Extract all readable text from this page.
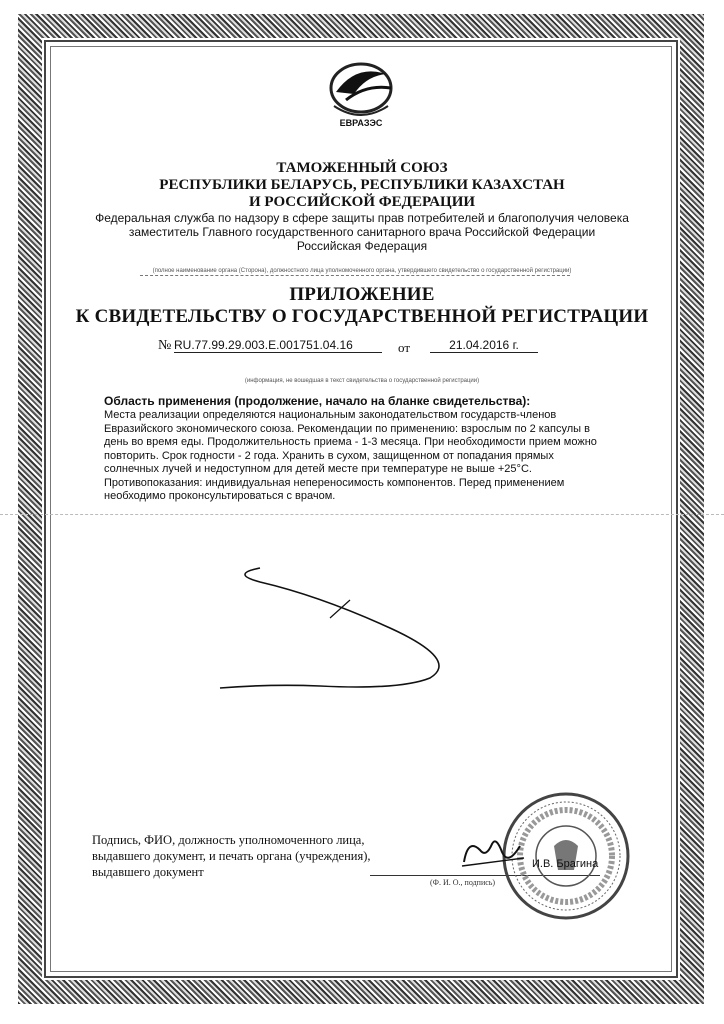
ЕВРАЗЭС
ТАМОЖЕННЫЙ СОЮЗ
РЕСПУБЛИКИ БЕЛАРУСЬ, РЕСПУБЛИКИ КАЗАХСТАН
И РОССИЙСКОЙ ФЕДЕРАЦИИ
Федеральная служба по надзору в сфере защиты прав потребителей и благополучия человека
заместитель Главного государственного санитарного врача Российской Федерации
Российская Федерация
(полное наименование органа (Сторона), должностного лица уполномоченного органа, утвердившего свидетельство о государственной регистрации)
ПРИЛОЖЕНИЕ
К СВИДЕТЕЛЬСТВУ О ГОСУДАРСТВЕННОЙ РЕГИСТРАЦИИ
№ RU.77.99.29.003.Е.001751.04.16	от	21.04.2016 г.
(информация, не вошедшая в текст свидетельства о государственной регистрации)
Область применения (продолжение, начало на бланке свидетельства):

Места реализации определяются национальным законодательством государств-членов Евразийского экономического союза. Рекомендации по применению: взрослым по 2 капсулы в день во время еды. Продолжительность приема - 1-3 месяца. При необходимости прием можно повторить. Срок годности - 2 года. Хранить в сухом, защищенном от попадания прямых солнечных лучей и недоступном для детей месте при температуре не выше +25°С.

Противопоказания: индивидуальная непереносимость компонентов. Перед применением необходимо проконсультироваться с врачом.

Подпись, ФИО, должность уполномоченного лица, выдавшего документ, и печать органа (учреждения), выдавшего документ
(Ф. И. О., подпись)
И.В. Брагина
